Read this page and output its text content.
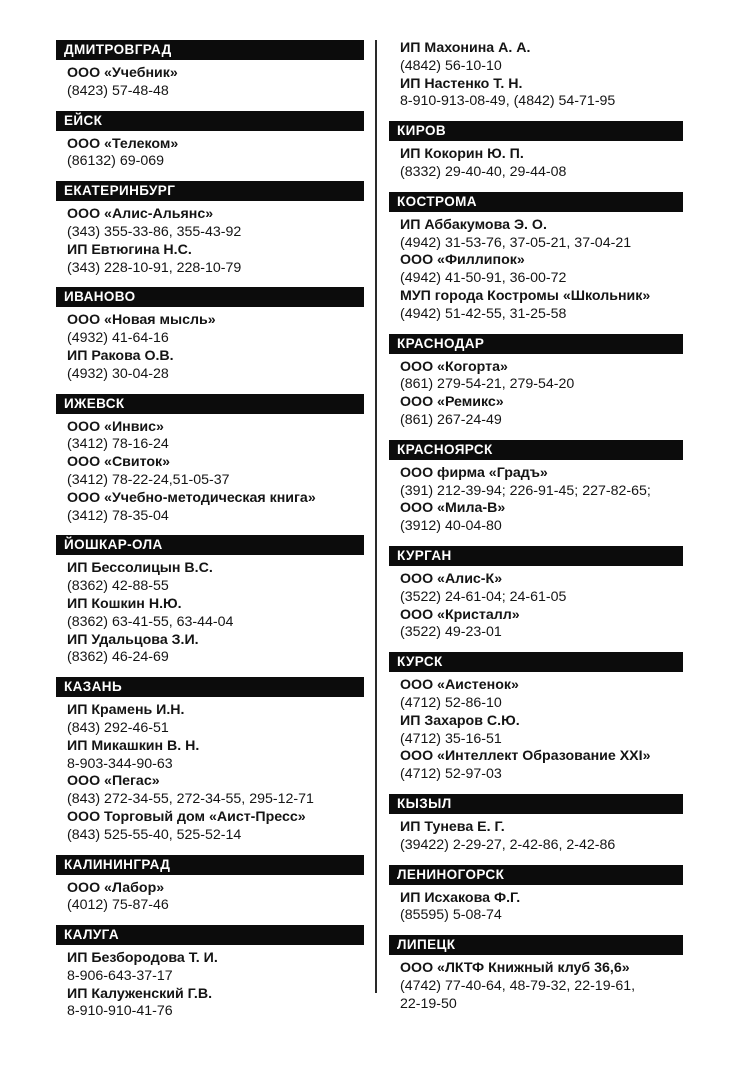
ДМИТРОВГРАД
ООО «Учебник»
(8423) 57-48-48
ЕЙСК
ООО «Телеком»
(86132) 69-069
ЕКАТЕРИНБУРГ
ООО «Алис-Альянс»
(343) 355-33-86, 355-43-92
ИП Евтюгина Н.С.
(343) 228-10-91, 228-10-79
ИВАНОВО
ООО «Новая мысль»
(4932) 41-64-16
ИП Ракова О.В.
(4932) 30-04-28
ИЖЕВСК
ООО «Инвис»
(3412) 78-16-24
ООО «Свиток»
(3412) 78-22-24,51-05-37
ООО «Учебно-методическая книга»
(3412) 78-35-04
ЙОШКАР-ОЛА
ИП Бессолицын В.С.
(8362) 42-88-55
ИП Кошкин Н.Ю.
(8362) 63-41-55, 63-44-04
ИП Удальцова З.И.
(8362) 46-24-69
КАЗАНЬ
ИП Крамень И.Н.
(843) 292-46-51
ИП Микашкин В. Н.
8-903-344-90-63
ООО «Пегас»
(843) 272-34-55, 272-34-55, 295-12-71
ООО Торговый дом «Аист-Пресс»
(843) 525-55-40, 525-52-14
КАЛИНИНГРАД
ООО «Лабор»
(4012) 75-87-46
КАЛУГА
ИП Безбородова Т. И.
8-906-643-37-17
ИП Калуженский Г.В.
8-910-910-41-76
ИП Махонина А. А.
(4842) 56-10-10
ИП Настенко Т. Н.
8-910-913-08-49, (4842) 54-71-95
КИРОВ
ИП Кокорин Ю. П.
(8332) 29-40-40, 29-44-08
КОСТРОМА
ИП Аббакумова Э. О.
(4942) 31-53-76, 37-05-21, 37-04-21
ООО «Филлипок»
(4942) 41-50-91, 36-00-72
МУП города Костромы «Школьник»
(4942) 51-42-55, 31-25-58
КРАСНОДАР
ООО «Когорта»
(861) 279-54-21, 279-54-20
ООО «Ремикс»
(861) 267-24-49
КРАСНОЯРСК
ООО фирма «Градъ»
(391) 212-39-94; 226-91-45; 227-82-65;
ООО «Мила-В»
(3912) 40-04-80
КУРГАН
ООО «Алис-К»
(3522) 24-61-04; 24-61-05
ООО «Кристалл»
(3522) 49-23-01
КУРСК
ООО «Аистенок»
(4712) 52-86-10
ИП Захаров С.Ю.
(4712) 35-16-51
ООО «Интеллект Образование XXI»
(4712) 52-97-03
КЫЗЫЛ
ИП Тунева Е. Г.
(39422) 2-29-27, 2-42-86, 2-42-86
ЛЕНИНОГОРСК
ИП Исхакова Ф.Г.
(85595) 5-08-74
ЛИПЕЦК
ООО «ЛКТФ Книжный клуб 36,6»
(4742) 77-40-64, 48-79-32, 22-19-61,
22-19-50
